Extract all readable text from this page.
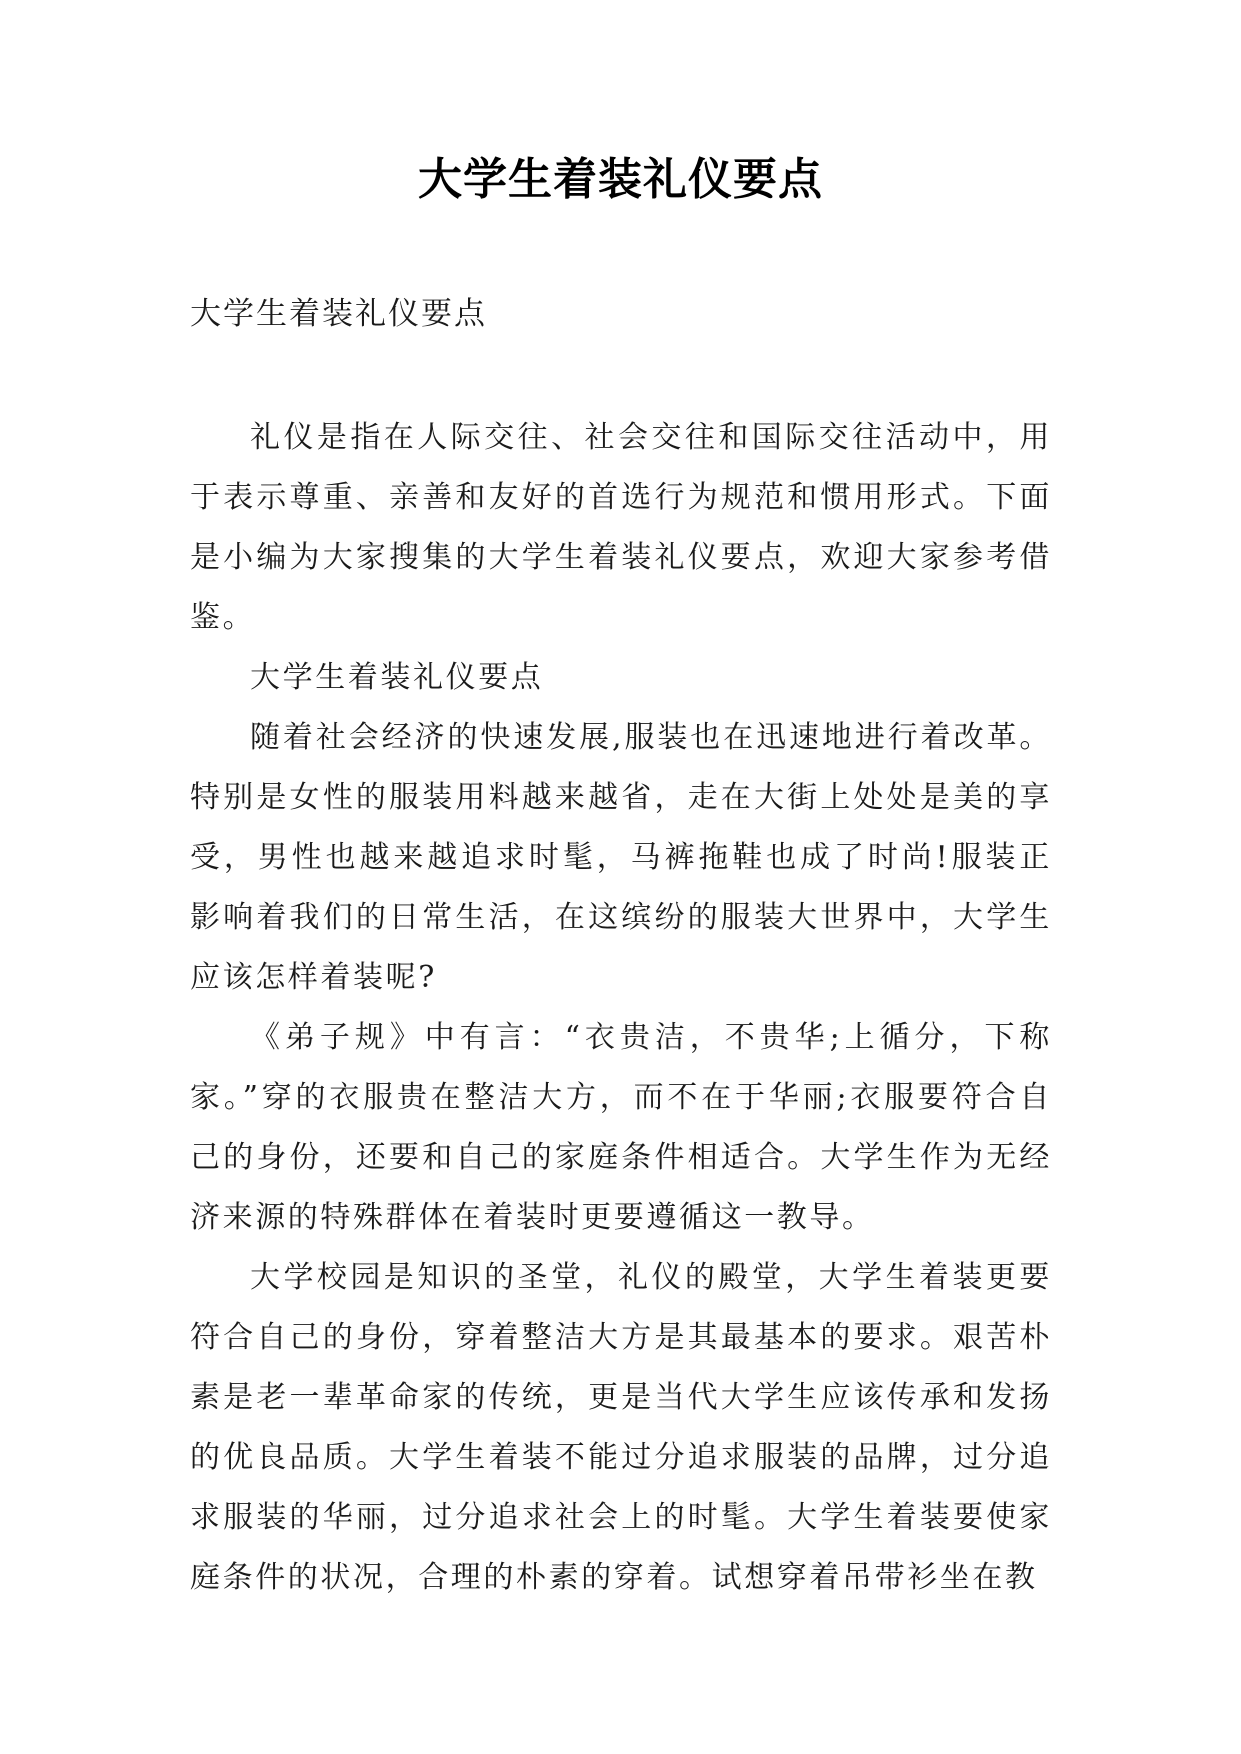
大学生着装礼仪要点
大学生着装礼仪要点

礼仪是指在人际交往、社会交往和国际交往活动中，用于表示尊重、亲善和友好的首选行为规范和惯用形式。下面是小编为大家搜集的大学生着装礼仪要点，欢迎大家参考借鉴。

大学生着装礼仪要点

随着社会经济的快速发展,服装也在迅速地进行着改革。特别是女性的服装用料越来越省，走在大街上处处是美的享受，男性也越来越追求时髦，马裤拖鞋也成了时尚!服装正影响着我们的日常生活，在这缤纷的服装大世界中，大学生应该怎样着装呢?

《弟子规》中有言：“衣贵洁，不贵华;上循分，下称家。”穿的衣服贵在整洁大方，而不在于华丽;衣服要符合自己的身份，还要和自己的家庭条件相适合。大学生作为无经济来源的特殊群体在着装时更要遵循这一教导。

大学校园是知识的圣堂，礼仪的殿堂，大学生着装更要符合自己的身份，穿着整洁大方是其最基本的要求。艰苦朴素是老一辈革命家的传统，更是当代大学生应该传承和发扬的优良品质。大学生着装不能过分追求服装的品牌，过分追求服装的华丽，过分追求社会上的时髦。大学生着装要使家庭条件的状况，合理的朴素的穿着。试想穿着吊带衫坐在教
